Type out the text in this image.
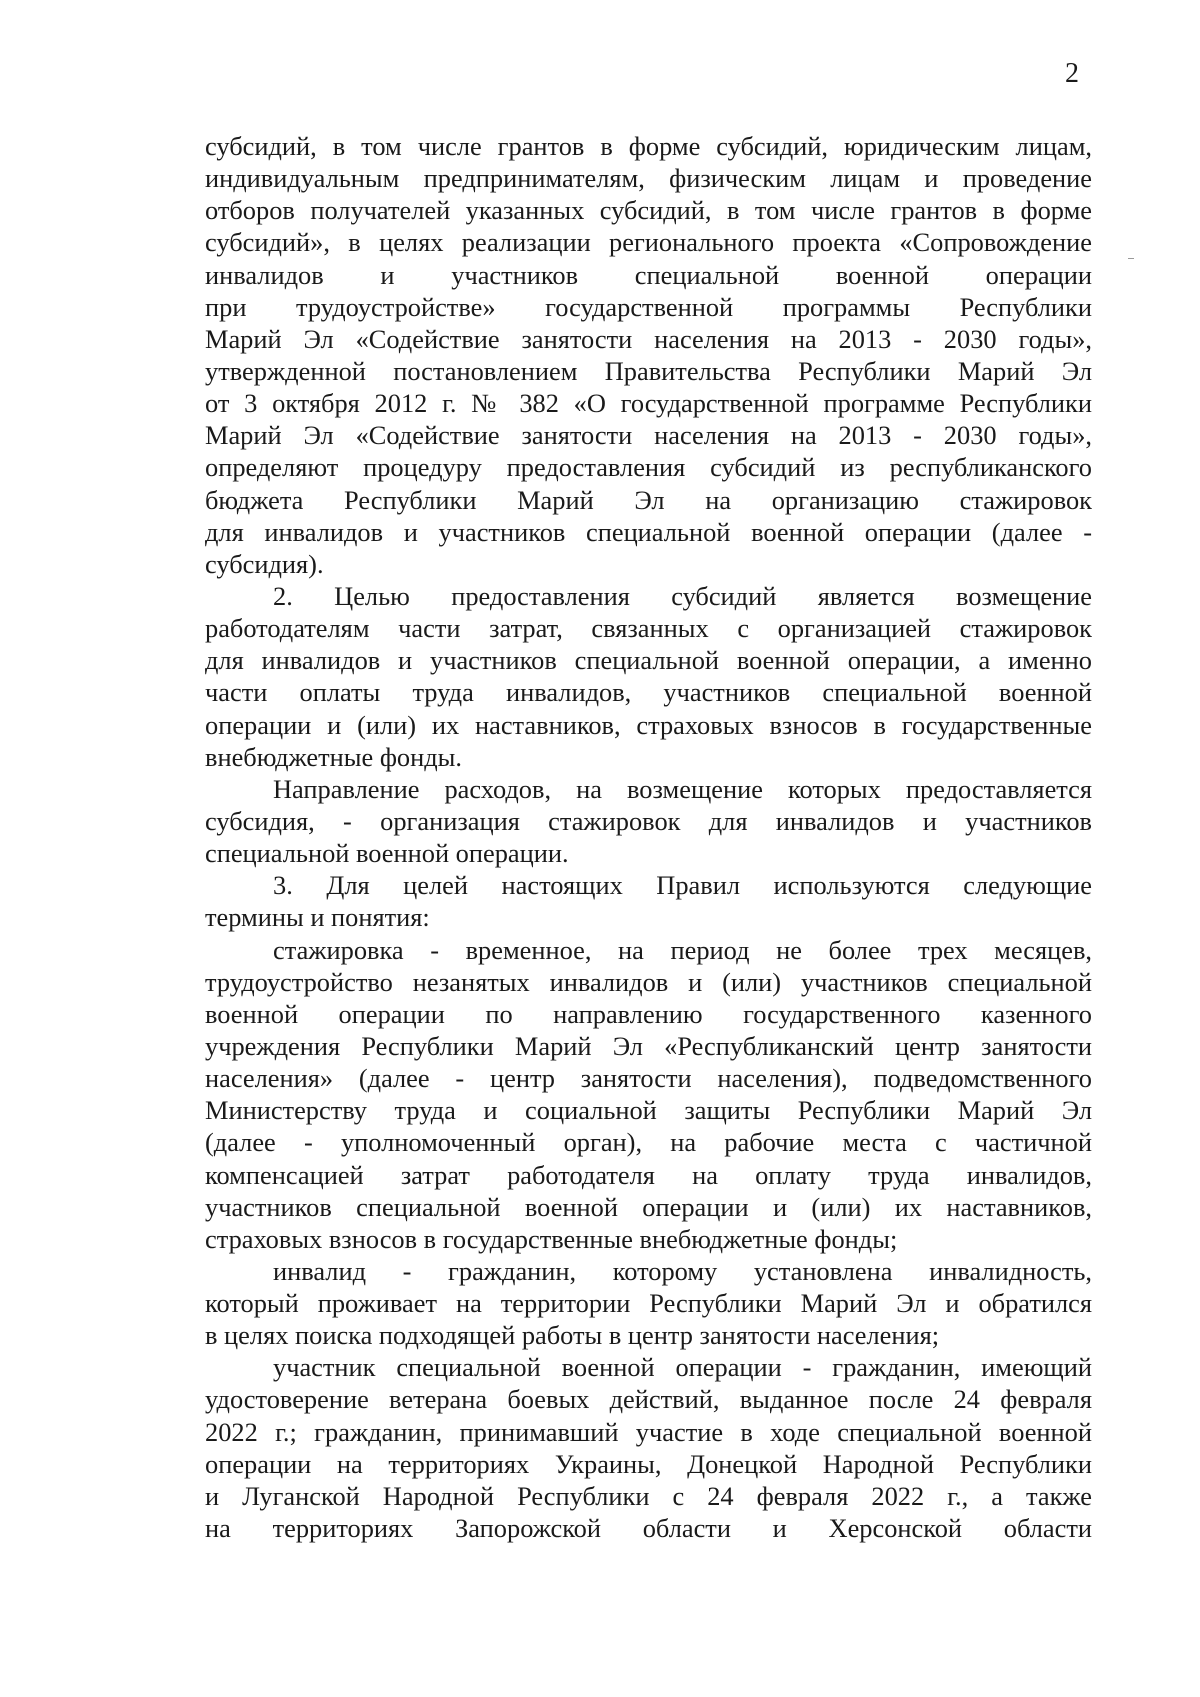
2
субсидий, в том числе грантов в форме субсидий, юридическим лицам,
индивидуальным предпринимателям, физическим лицам и проведение
отборов получателей указанных субсидий, в том числе грантов в форме
субсидий», в целях реализации регионального проекта «Сопровождение
инвалидов и участников специальной военной операции
при трудоустройстве» государственной программы Республики
Марий Эл «Содействие занятости населения на 2013 - 2030 годы»,
утвержденной постановлением Правительства Республики Марий Эл
от 3 октября 2012 г. № 382 «О государственной программе Республики
Марий Эл «Содействие занятости населения на 2013 - 2030 годы»,
определяют процедуру предоставления субсидий из республиканского
бюджета Республики Марий Эл на организацию стажировок
для инвалидов и участников специальной военной операции (далее -
субсидия).
2. Целью предоставления субсидий является возмещение
работодателям части затрат, связанных с организацией стажировок
для инвалидов и участников специальной военной операции, а именно
части оплаты труда инвалидов, участников специальной военной
операции и (или) их наставников, страховых взносов в государственные
внебюджетные фонды.
Направление расходов, на возмещение которых предоставляется
субсидия, - организация стажировок для инвалидов и участников
специальной военной операции.
3. Для целей настоящих Правил используются следующие
термины и понятия:
стажировка - временное, на период не более трех месяцев,
трудоустройство незанятых инвалидов и (или) участников специальной
военной операции по направлению государственного казенного
учреждения Республики Марий Эл «Республиканский центр занятости
населения» (далее - центр занятости населения), подведомственного
Министерству труда и социальной защиты Республики Марий Эл
(далее - уполномоченный орган), на рабочие места с частичной
компенсацией затрат работодателя на оплату труда инвалидов,
участников специальной военной операции и (или) их наставников,
страховых взносов в государственные внебюджетные фонды;
инвалид - гражданин, которому установлена инвалидность,
который проживает на территории Республики Марий Эл и обратился
в целях поиска подходящей работы в центр занятости населения;
участник специальной военной операции - гражданин, имеющий
удостоверение ветерана боевых действий, выданное после 24 февраля
2022 г.; гражданин, принимавший участие в ходе специальной военной
операции на территориях Украины, Донецкой Народной Республики
и Луганской Народной Республики с 24 февраля 2022 г., а также
на территориях Запорожской области и Херсонской области
